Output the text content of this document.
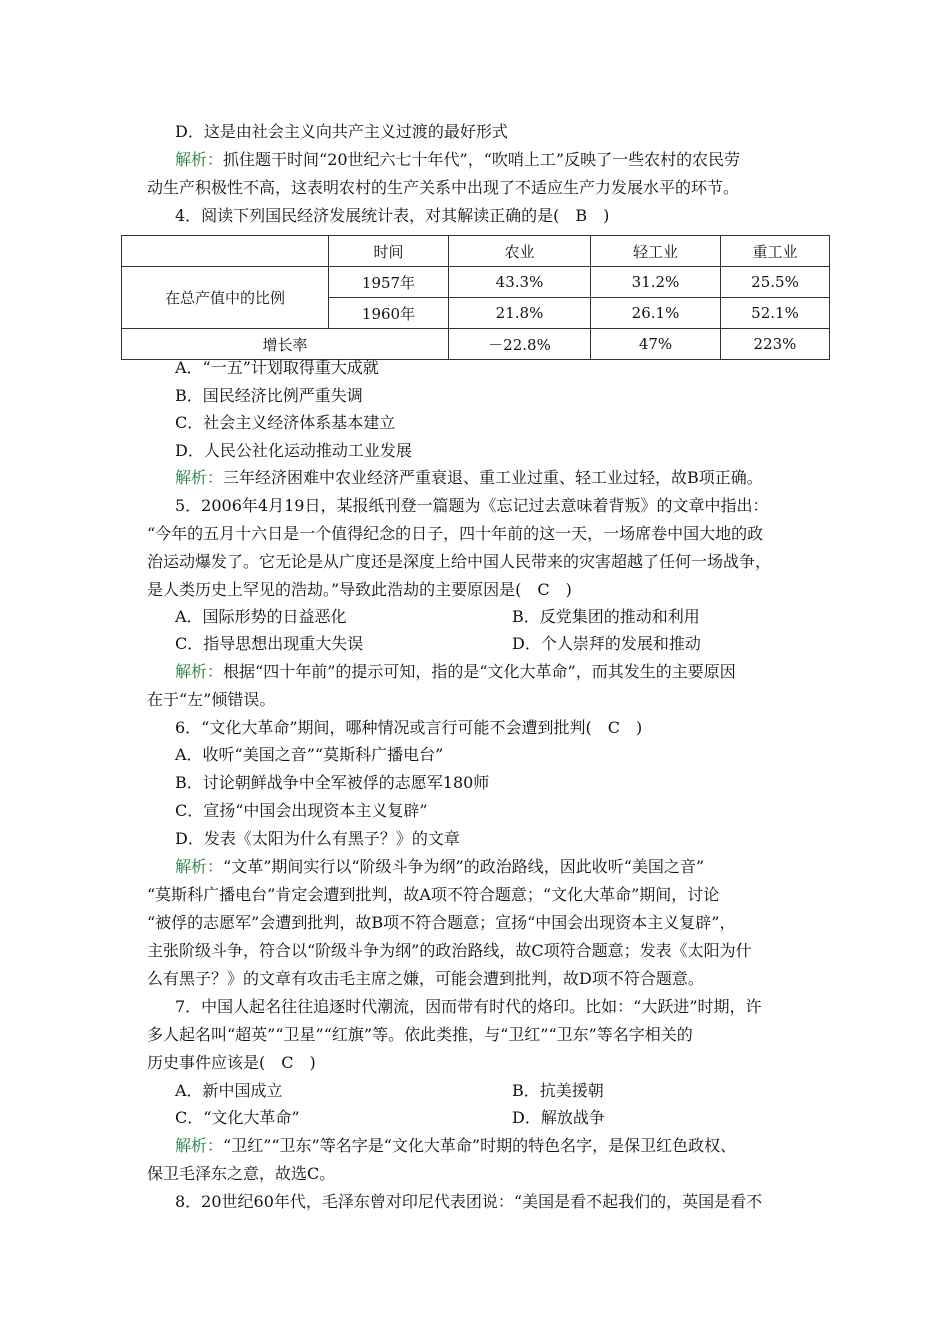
D．这是由社会主义向共产主义过渡的最好形式
解析：抓住题干时间“20世纪六七十年代”，“吹哨上工”反映了一些农村的农民劳
动生产积极性不高，这表明农村的生产关系中出现了不适应生产力发展水平的环节。
4．阅读下列国民经济发展统计表，对其解读正确的是(　B　)
	时间	农业	轻工业	重工业
在总产值中的比例	1957年	43.3%	31.2%	25.5%
	1960年	21.8%	26.1%	52.1%
增长率		－22.8%	47%	223%
A．“一五”计划取得重大成就
B．国民经济比例严重失调
C．社会主义经济体系基本建立
D．人民公社化运动推动工业发展
解析：三年经济困难中农业经济严重衰退、重工业过重、轻工业过轻，故B项正确。
5．2006年4月19日，某报纸刊登一篇题为《忘记过去意味着背叛》的文章中指出：
“今年的五月十六日是一个值得纪念的日子，四十年前的这一天，一场席卷中国大地的政
治运动爆发了。它无论是从广度还是深度上给中国人民带来的灾害超越了任何一场战争，
是人类历史上罕见的浩劫。”导致此浩劫的主要原因是(　C　)
A．国际形势的日益恶化	B．反党集团的推动和利用
C．指导思想出现重大失误	D．个人崇拜的发展和推动
解析：根据“四十年前”的提示可知，指的是“文化大革命”，而其发生的主要原因
在于“左”倾错误。
6．“文化大革命”期间，哪种情况或言行可能不会遭到批判(　C　)
A．收听“美国之音”“莫斯科广播电台”
B．讨论朝鲜战争中全军被俘的志愿军180师
C．宣扬“中国会出现资本主义复辟”
D．发表《太阳为什么有黑子？》的文章
解析：“文革”期间实行以“阶级斗争为纲”的政治路线，因此收听“美国之音”
“莫斯科广播电台”肯定会遭到批判，故A项不符合题意；“文化大革命”期间，讨论
“被俘的志愿军”会遭到批判，故B项不符合题意；宣扬“中国会出现资本主义复辟”，
主张阶级斗争，符合以“阶级斗争为纲”的政治路线，故C项符合题意；发表《太阳为什
么有黑子？》的文章有攻击毛主席之嫌，可能会遭到批判，故D项不符合题意。
7．中国人起名往往追逐时代潮流，因而带有时代的烙印。比如：“大跃进”时期，许
多人起名叫“超英”“卫星”“红旗”等。依此类推，与“卫红”“卫东”等名字相关的
历史事件应该是(　C　)
A．新中国成立	B．抗美援朝
C．“文化大革命”	D．解放战争
解析：“卫红”“卫东”等名字是“文化大革命”时期的特色名字，是保卫红色政权、
保卫毛泽东之意，故选C。
8．20世纪60年代，毛泽东曾对印尼代表团说：“美国是看不起我们的，英国是看不
